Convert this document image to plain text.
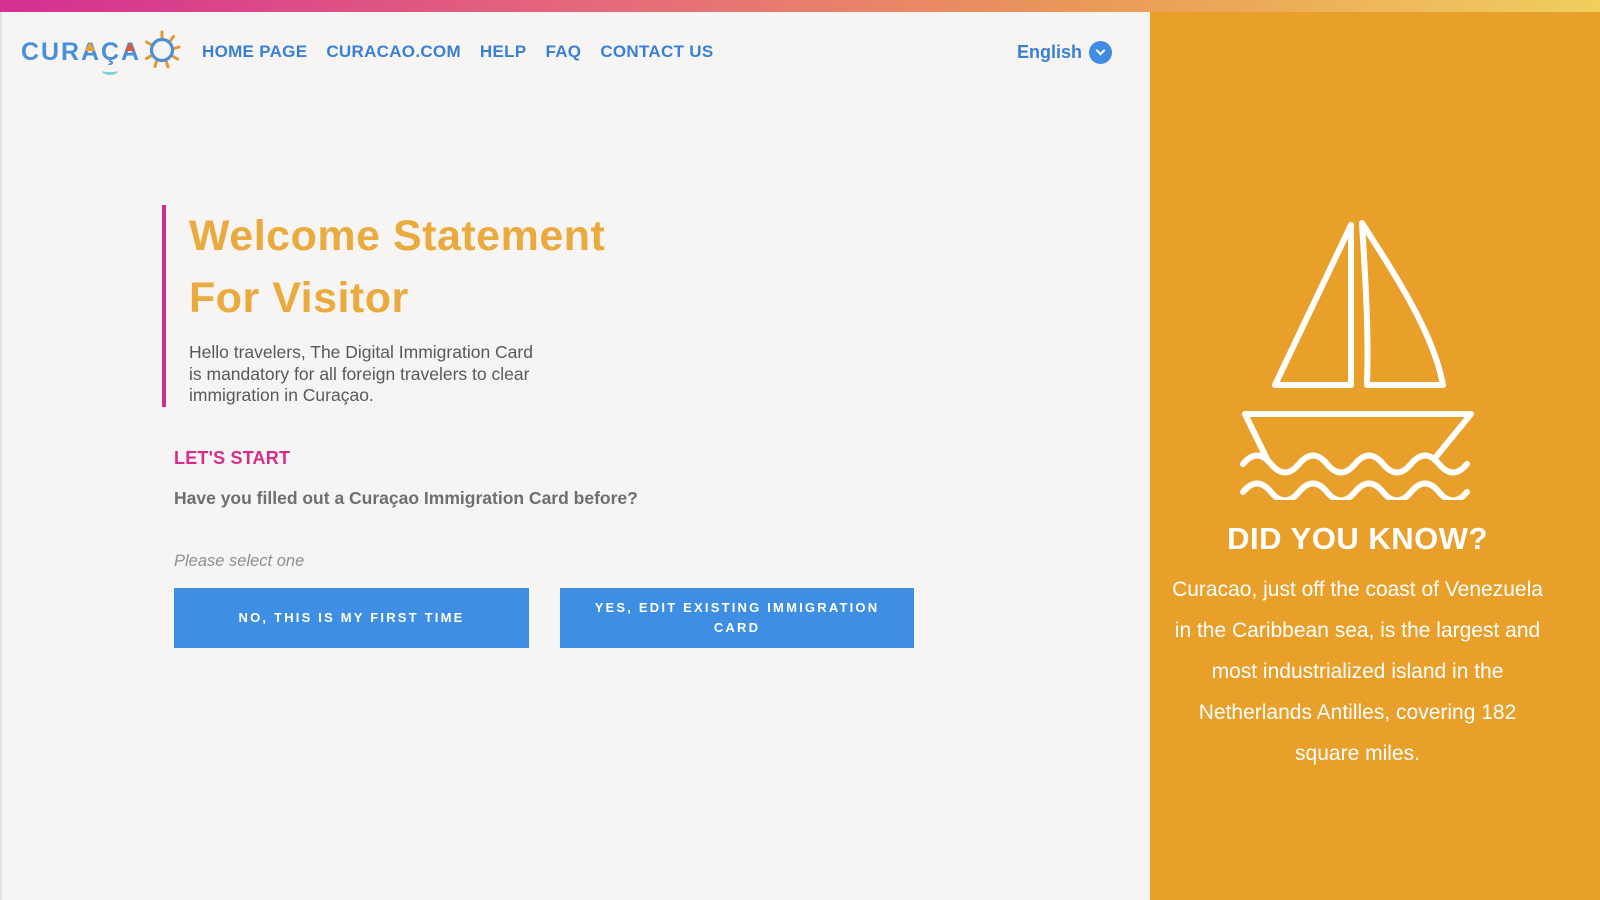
C U R A Ç A	HOME PAGE CURACAO.COM HELP FAQ CONTACT US	English
Welcome Statement
For Visitor

Hello travelers, The Digital Immigration Card is mandatory for all foreign travelers to clear immigration in Curaçao.

LET'S START
Have you filled out a Curaçao Immigration Card before?
Please select one
NO, THIS IS MY FIRST TIME
YES, EDIT EXISTING IMMIGRATION CARD
DID YOU KNOW?

Curacao, just off the coast of Venezuela in the Caribbean sea, is the largest and most industrialized island in the Netherlands Antilles, covering 182 square miles.
